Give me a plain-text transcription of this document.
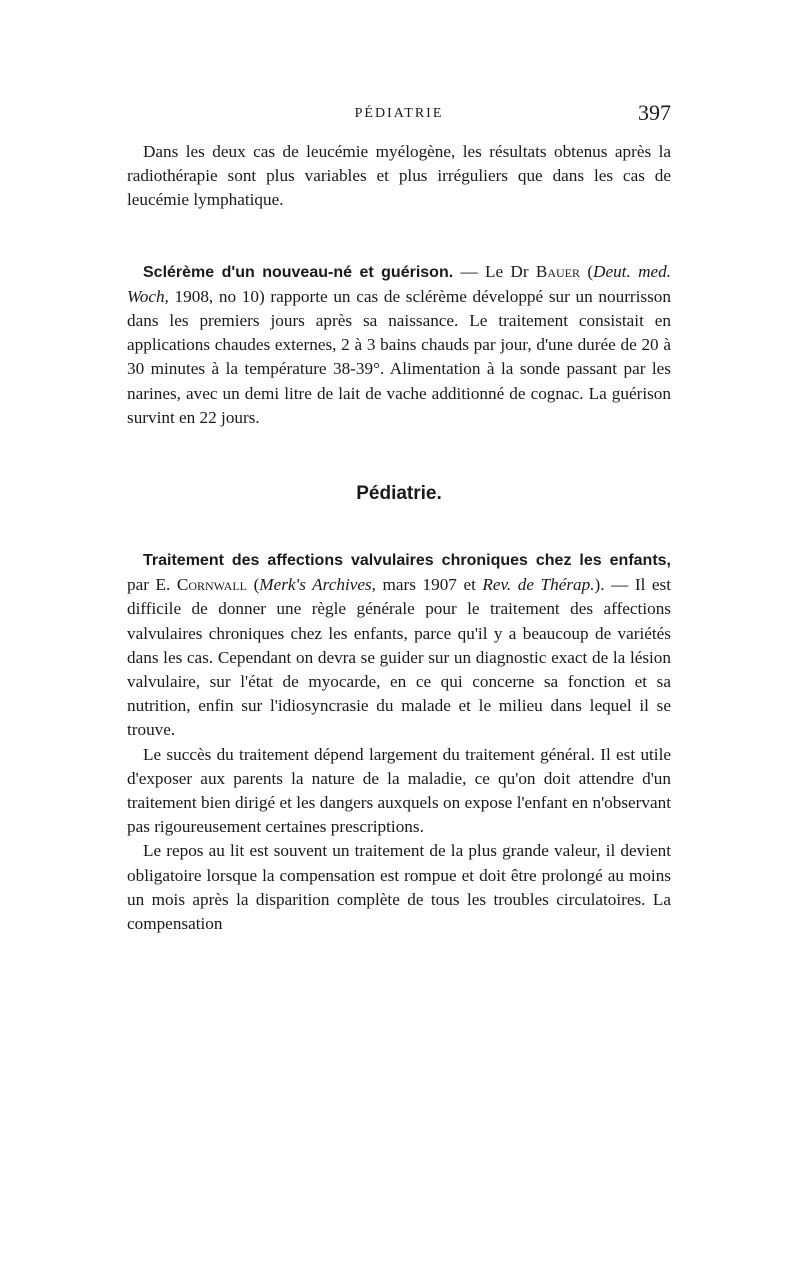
PÉDIATRIE	397

Dans les deux cas de leucémie myélogène, les résultats obtenus après la radiothérapie sont plus variables et plus irréguliers que dans les cas de leucémie lymphatique.

Sclérème d'un nouveau-né et guérison. — Le Dr Bauer (Deut. med. Woch, 1908, no 10) rapporte un cas de sclérème développé sur un nourrisson dans les premiers jours après sa naissance. Le traitement consistait en applications chaudes externes, 2 à 3 bains chauds par jour, d'une durée de 20 à 30 minutes à la température 38-39°. Alimentation à la sonde passant par les narines, avec un demi litre de lait de vache additionné de cognac. La guérison survint en 22 jours.

Pédiatrie.

Traitement des affections valvulaires chroniques chez les enfants, par E. Cornwall (Merk's Archives, mars 1907 et Rev. de Thérap.). — Il est difficile de donner une règle générale pour le traitement des affections valvulaires chroniques chez les enfants, parce qu'il y a beaucoup de variétés dans les cas. Cependant on devra se guider sur un diagnostic exact de la lésion valvulaire, sur l'état de myocarde, en ce qui concerne sa fonction et sa nutrition, enfin sur l'idiosyncrasie du malade et le milieu dans lequel il se trouve.

Le succès du traitement dépend largement du traitement général. Il est utile d'exposer aux parents la nature de la maladie, ce qu'on doit attendre d'un traitement bien dirigé et les dangers auxquels on expose l'enfant en n'observant pas rigoureusement certaines prescriptions.

Le repos au lit est souvent un traitement de la plus grande valeur, il devient obligatoire lorsque la compensation est rompue et doit être prolongé au moins un mois après la disparition complète de tous les troubles circulatoires. La compensation
